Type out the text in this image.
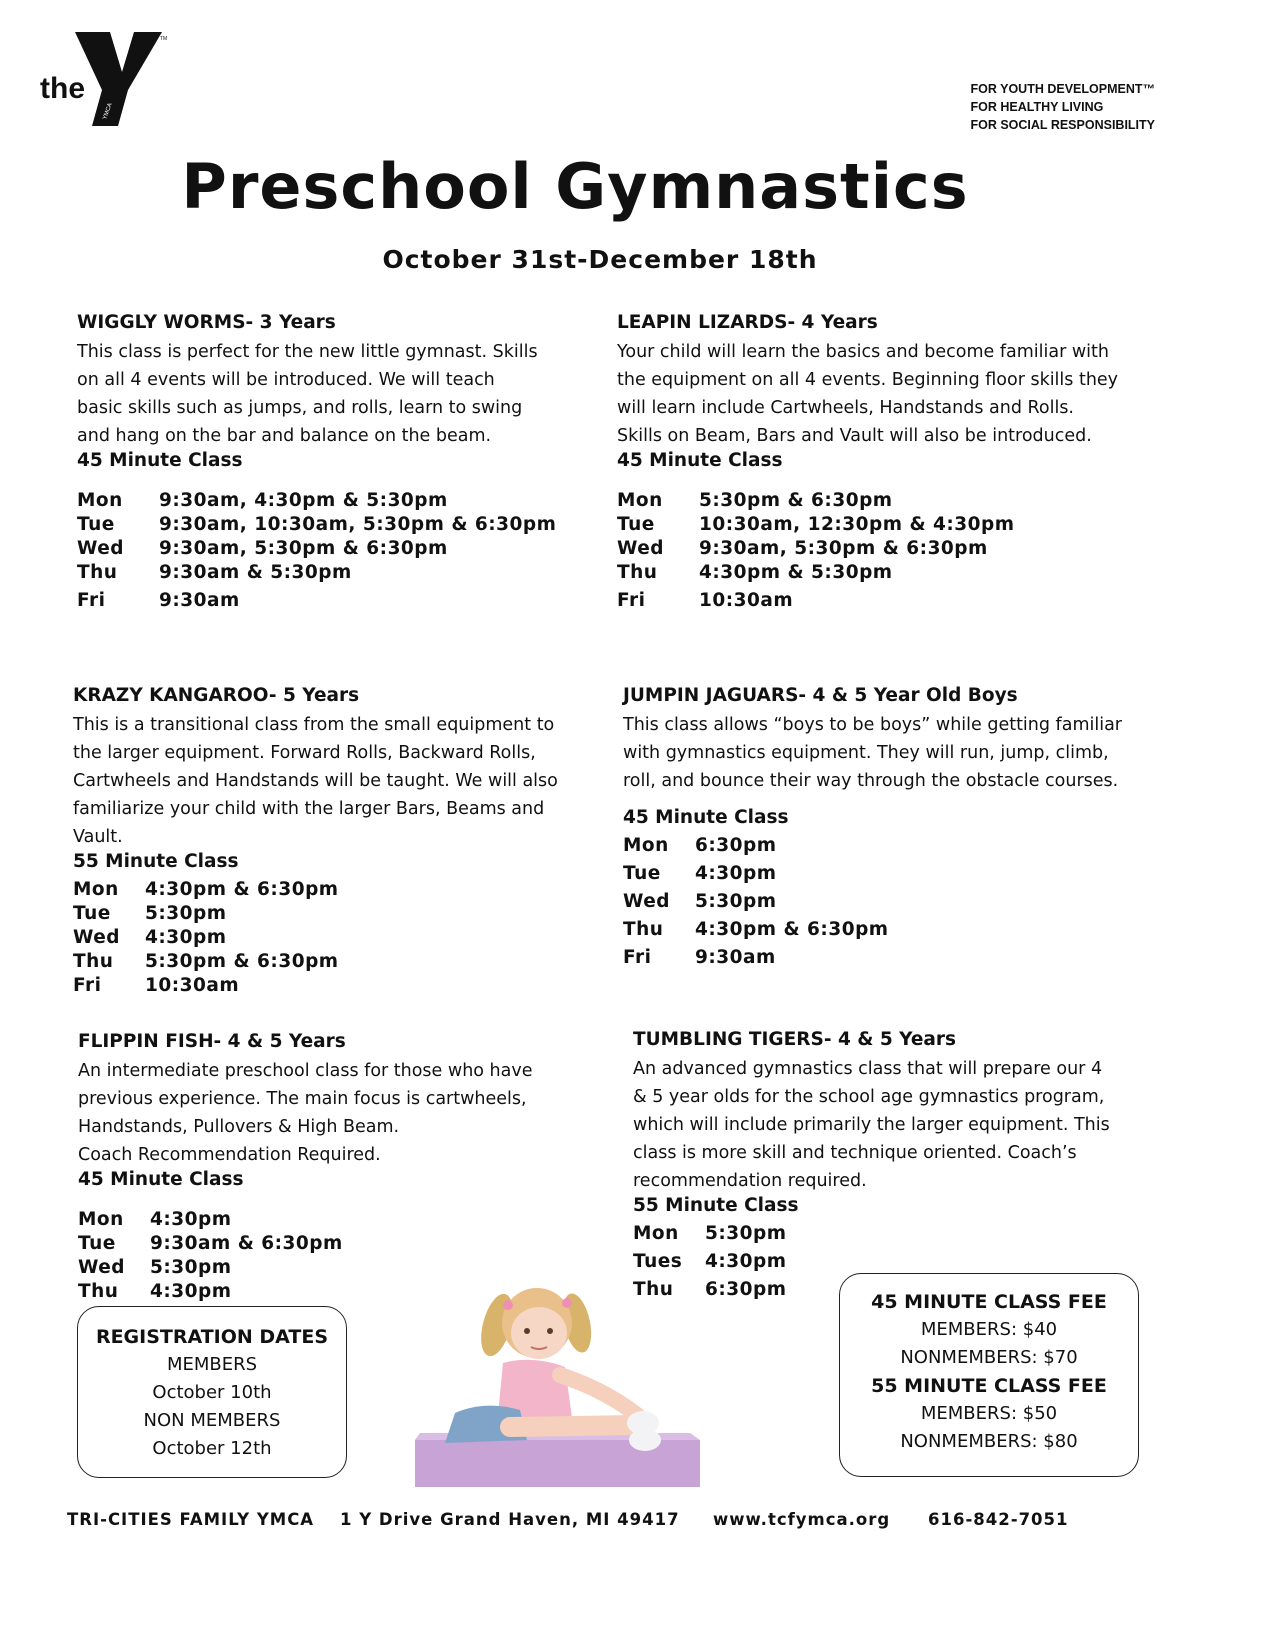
the
YMCA
TM
FOR YOUTH DEVELOPMENT™
FOR HEALTHY LIVING
FOR SOCIAL RESPONSIBILITY
Preschool Gymnastics
October 31st-December 18th
WIGGLY WORMS- 3 Years
This class is perfect for the new little gymnast. Skills
on all 4 events will be introduced. We will teach
basic skills such as jumps, and rolls, learn to swing
and hang on the bar and balance on the beam.
45 Minute Class
Mon	9:30am, 4:30pm & 5:30pm
Tue	9:30am, 10:30am, 5:30pm & 6:30pm
Wed	9:30am, 5:30pm & 6:30pm
Thu	9:30am & 5:30pm
Fri	9:30am
LEAPIN LIZARDS- 4 Years
Your child will learn the basics and become familiar with
the equipment on all 4 events. Beginning floor skills they
will learn include Cartwheels, Handstands and Rolls.
Skills on Beam, Bars and Vault will also be introduced.
45 Minute Class
Mon	5:30pm & 6:30pm
Tue	10:30am, 12:30pm & 4:30pm
Wed	9:30am, 5:30pm & 6:30pm
Thu	4:30pm & 5:30pm
Fri	10:30am
KRAZY KANGAROO- 5 Years
This is a transitional class from the small equipment to
the larger equipment. Forward Rolls, Backward Rolls,
Cartwheels and Handstands will be taught. We will also
familiarize your child with the larger Bars, Beams and
Vault.
55 Minute Class
Mon	4:30pm & 6:30pm
Tue	5:30pm
Wed	4:30pm
Thu	5:30pm & 6:30pm
Fri	10:30am
JUMPIN JAGUARS- 4 & 5 Year Old Boys
This class allows “boys to be boys” while getting familiar
with gymnastics equipment. They will run, jump, climb,
roll, and bounce their way through the obstacle courses.
45 Minute Class
Mon	6:30pm
Tue	4:30pm
Wed	5:30pm
Thu	4:30pm & 6:30pm
Fri	9:30am
FLIPPIN FISH- 4 & 5 Years
An intermediate preschool class for those who have
previous experience. The main focus is cartwheels,
Handstands, Pullovers & High Beam.
Coach Recommendation Required.
45 Minute Class
Mon	4:30pm
Tue	9:30am & 6:30pm
Wed	5:30pm
Thu	4:30pm
TUMBLING TIGERS- 4 & 5 Years
An advanced gymnastics class that will prepare our 4
& 5 year olds for the school age gymnastics program,
which will include primarily the larger equipment. This
class is more skill and technique oriented. Coach’s
recommendation required.
55 Minute Class
Mon	5:30pm
Tues	4:30pm
Thu	6:30pm
REGISTRATION DATES
MEMBERS
October 10th
NON MEMBERS
October 12th
45 MINUTE CLASS FEE
MEMBERS: $40
NONMEMBERS: $70
55 MINUTE CLASS FEE
MEMBERS: $50
NONMEMBERS: $80
TRI-CITIES FAMILY YMCA 1 Y Drive Grand Haven, MI 49417 www.tcfymca.org 616-842-7051
